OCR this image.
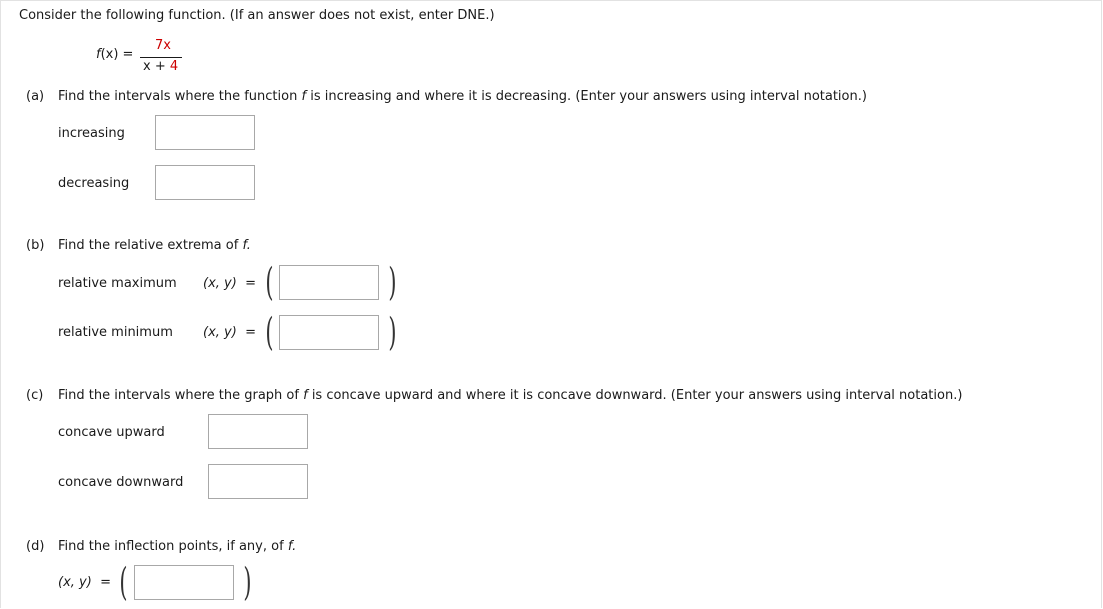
Consider the following function. (If an answer does not exist, enter DNE.)
f(x) =
7x
x + 4
(a) Find the intervals where the function f is increasing and where it is decreasing. (Enter your answers using interval notation.)
increasing
decreasing
(b) Find the relative extrema of f.
relative maximum (x, y) = (	)
relative minimum (x, y) = (	)
(c) Find the intervals where the graph of f is concave upward and where it is concave downward. (Enter your answers using interval notation.)
concave upward
concave downward
(d) Find the inflection points, if any, of f.
(x, y) = (	)
